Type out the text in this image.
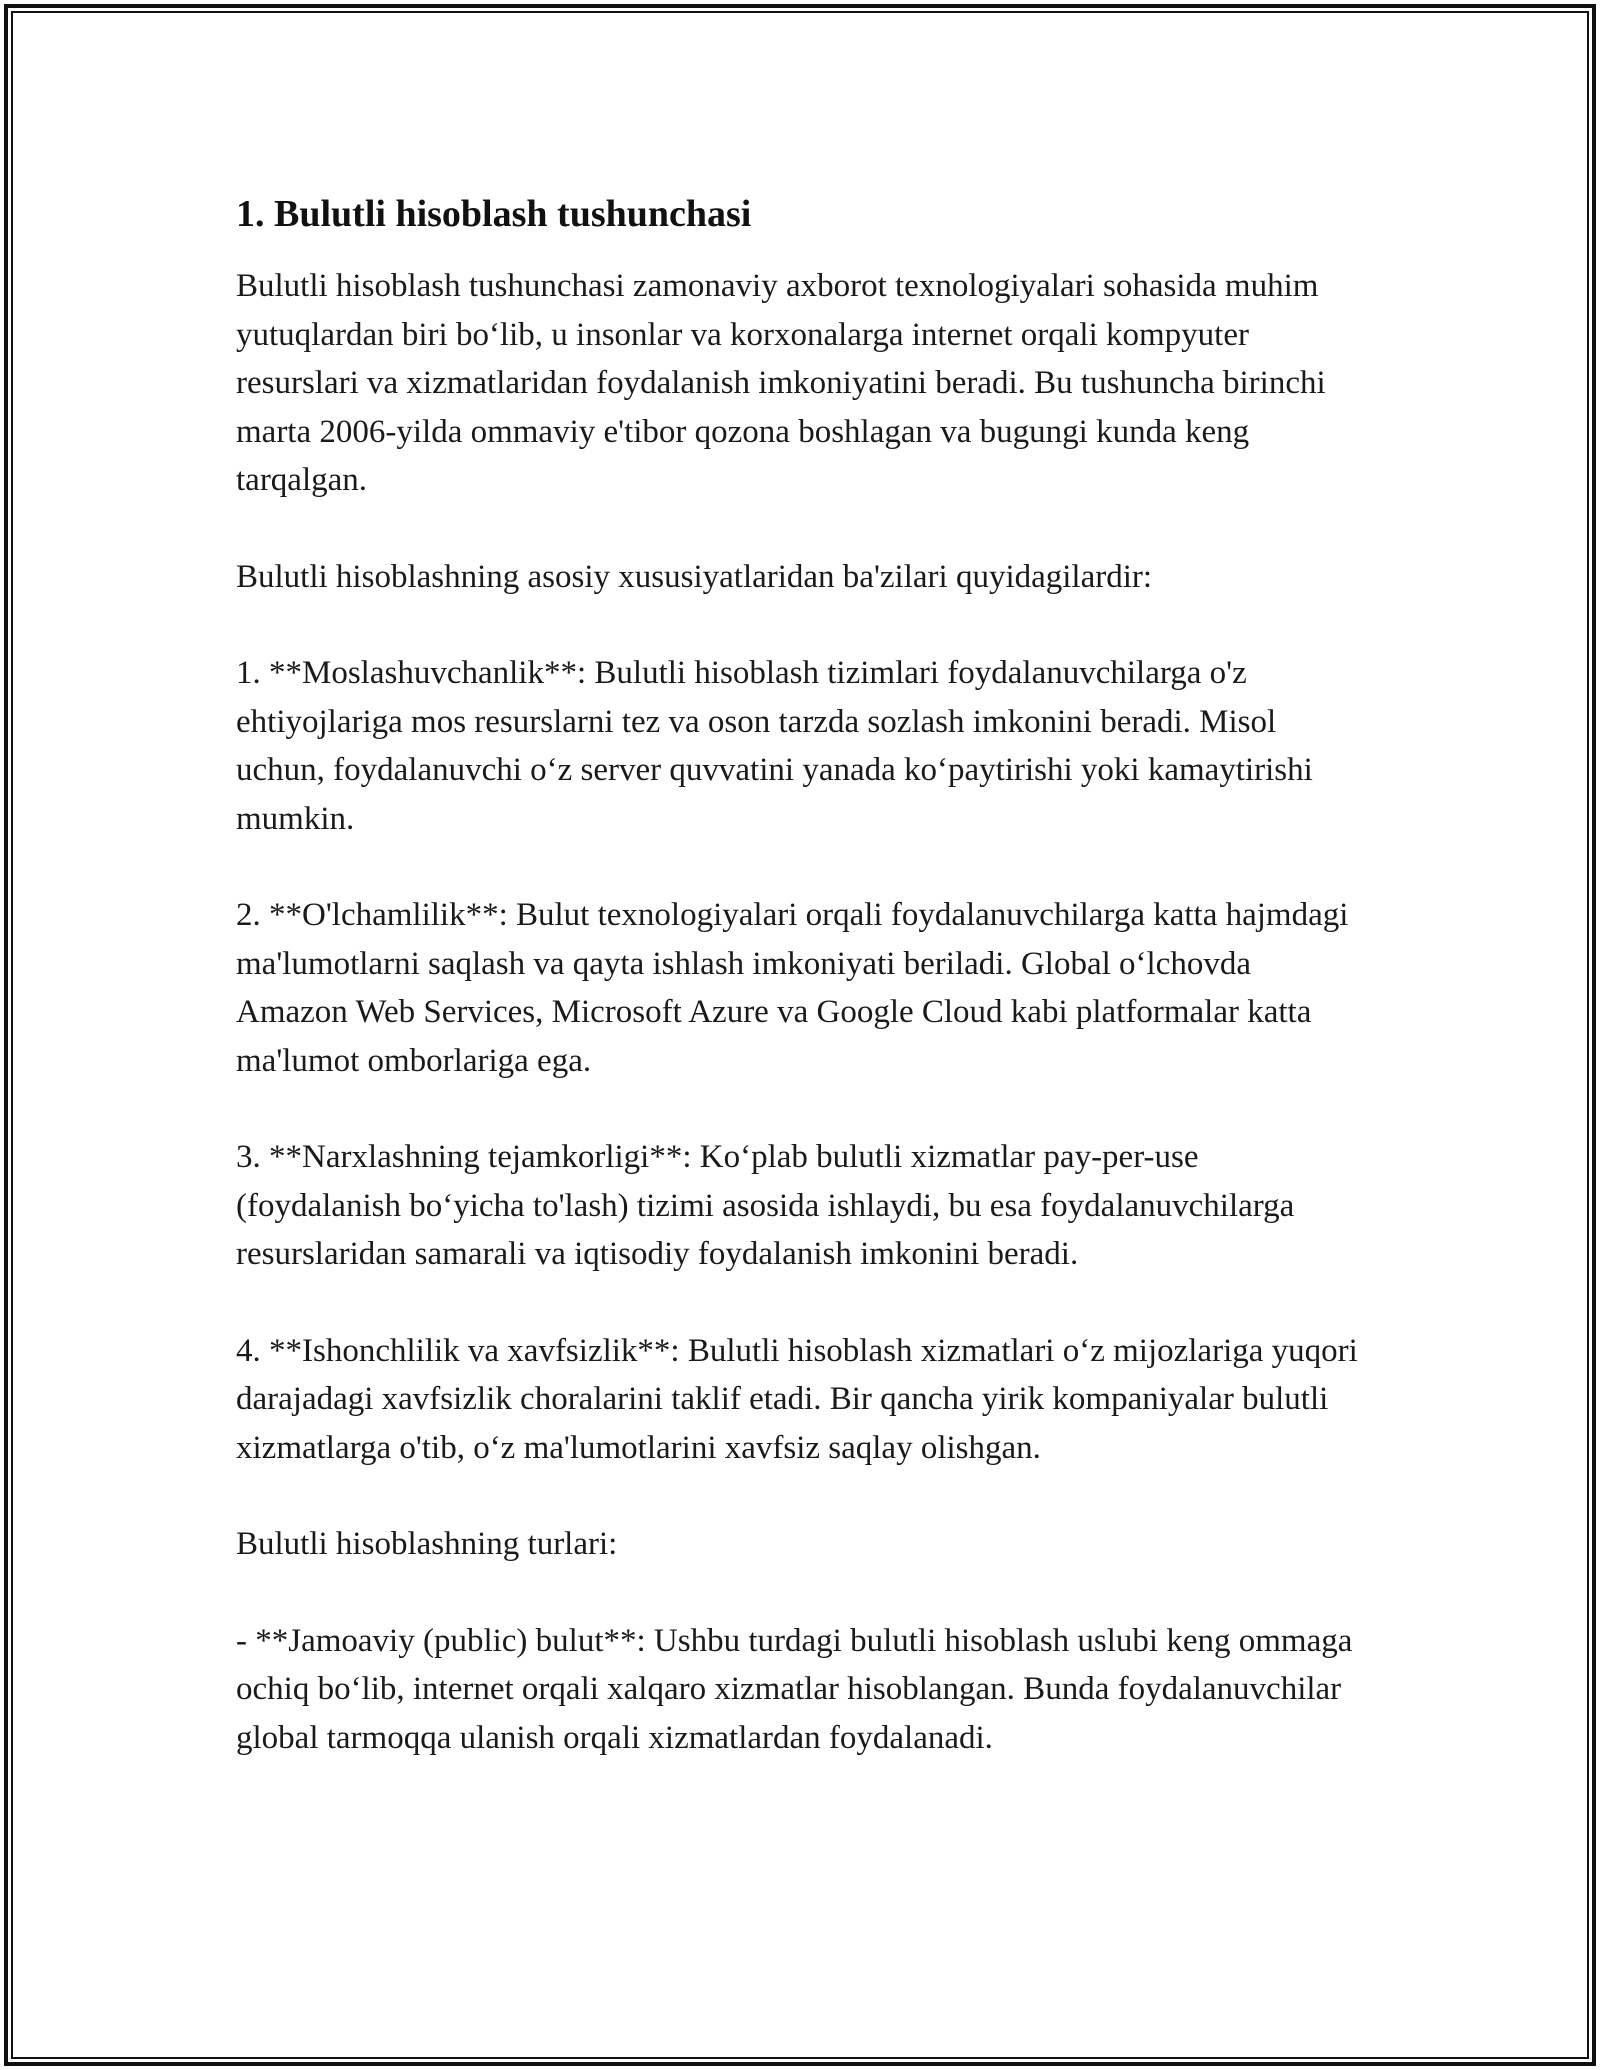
1. Bulutli hisoblash tushunchasi

Bulutli hisoblash tushunchasi zamonaviy axborot texnologiyalari sohasida muhim yutuqlardan biri bo‘lib, u insonlar va korxonalarga internet orqali kompyuter resurslari va xizmatlaridan foydalanish imkoniyatini beradi. Bu tushuncha birinchi marta 2006-yilda ommaviy e'tibor qozona boshlagan va bugungi kunda keng tarqalgan.

Bulutli hisoblashning asosiy xususiyatlaridan ba'zilari quyidagilardir:

1. **Moslashuvchanlik**: Bulutli hisoblash tizimlari foydalanuvchilarga o'z ehtiyojlariga mos resurslarni tez va oson tarzda sozlash imkonini beradi. Misol uchun, foydalanuvchi o‘z server quvvatini yanada ko‘paytirishi yoki kamaytirishi mumkin.

2. **O'lchamlilik**: Bulut texnologiyalari orqali foydalanuvchilarga katta hajmdagi ma'lumotlarni saqlash va qayta ishlash imkoniyati beriladi. Global o‘lchovda Amazon Web Services, Microsoft Azure va Google Cloud kabi platformalar katta ma'lumot omborlariga ega.

3. **Narxlashning tejamkorligi**: Ko‘plab bulutli xizmatlar pay-per-use (foydalanish bo‘yicha to'lash) tizimi asosida ishlaydi, bu esa foydalanuvchilarga resurslaridan samarali va iqtisodiy foydalanish imkonini beradi.

4. **Ishonchlilik va xavfsizlik**: Bulutli hisoblash xizmatlari o‘z mijozlariga yuqori darajadagi xavfsizlik choralarini taklif etadi. Bir qancha yirik kompaniyalar bulutli xizmatlarga o'tib, o‘z ma'lumotlarini xavfsiz saqlay olishgan.

Bulutli hisoblashning turlari:

- **Jamoaviy (public) bulut**: Ushbu turdagi bulutli hisoblash uslubi keng ommaga ochiq bo‘lib, internet orqali xalqaro xizmatlar hisoblangan. Bunda foydalanuvchilar global tarmoqqa ulanish orqali xizmatlardan foydalanadi.
